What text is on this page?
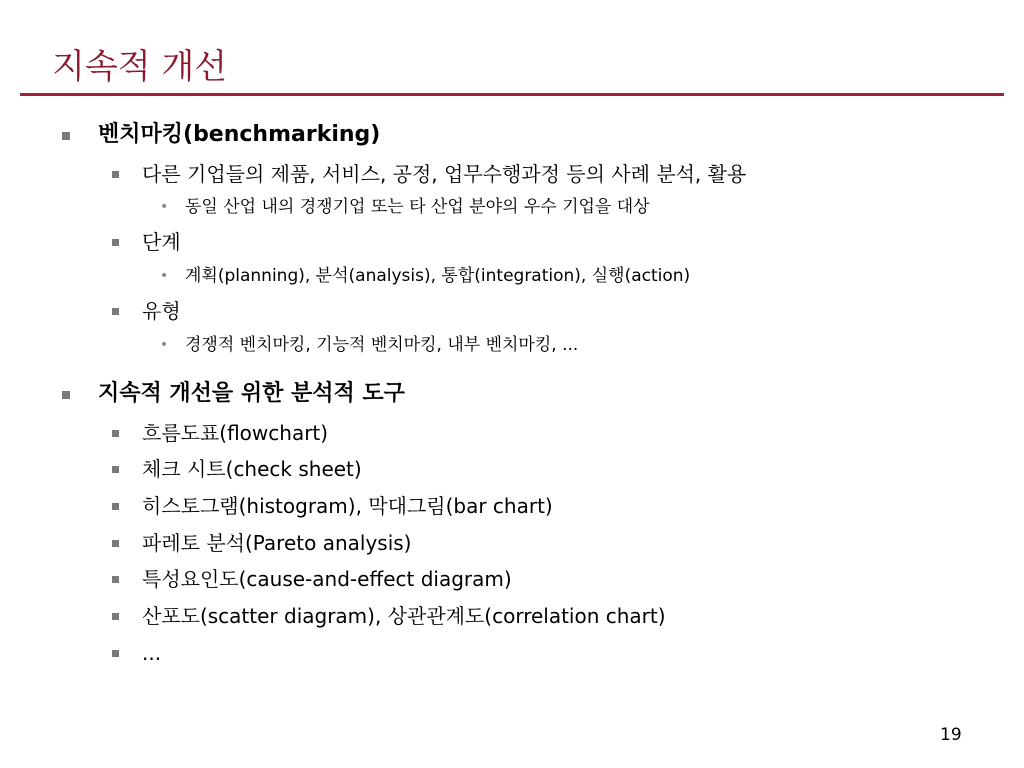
지속적 개선
벤치마킹(benchmarking)
다른 기업들의 제품, 서비스, 공정, 업무수행과정 등의 사례 분석, 활용
• 동일 산업 내의 경쟁기업 또는 타 산업 분야의 우수 기업을 대상
단계
• 계획(planning), 분석(analysis), 통합(integration), 실행(action)
유형
• 경쟁적 벤치마킹, 기능적 벤치마킹, 내부 벤치마킹, ...
지속적 개선을 위한 분석적 도구
흐름도표(flowchart)
체크 시트(check sheet)
히스토그램(histogram), 막대그림(bar chart)
파레토 분석(Pareto analysis)
특성요인도(cause-and-effect diagram)
산포도(scatter diagram), 상관관계도(correlation chart)
...
19
